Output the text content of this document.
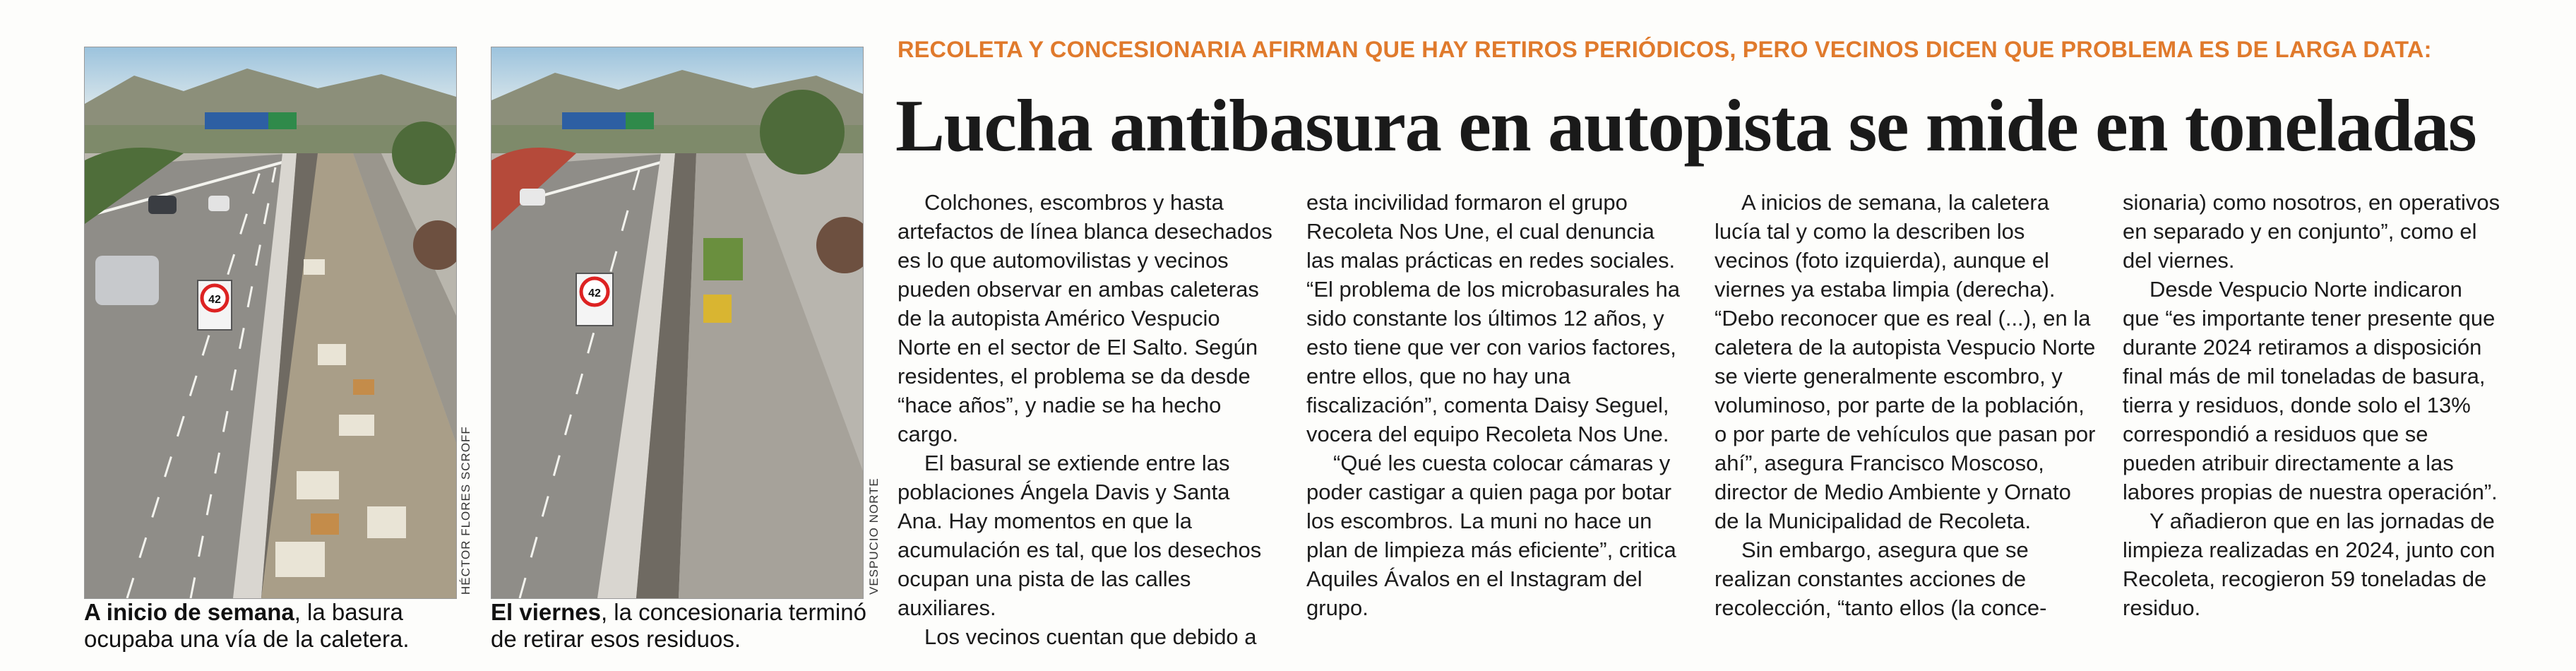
42
HÉCTOR FLORES SCROFF
A inicio de semana, la basura ocupaba una vía de la caletera.
42
VESPUCIO NORTE
El viernes, la concesionaria terminó de retirar esos residuos.
RECOLETA Y CONCESIONARIA AFIRMAN QUE HAY RETIROS PERIÓDICOS, PERO VECINOS DICEN QUE PROBLEMA ES DE LARGA DATA:
Lucha antibasura en autopista se mide en toneladas

Colchones, escombros y hasta artefactos de línea blanca desechados es lo que automovilistas y vecinos pueden observar en ambas caleteras de la autopista Américo Vespucio Norte en el sector de El Salto. Según residentes, el problema se da desde “hace años”, y nadie se ha hecho cargo.

El basural se extiende entre las poblaciones Ángela Davis y Santa Ana. Hay momentos en que la acumulación es tal, que los desechos ocupan una pista de las calles auxiliares.

Los vecinos cuentan que debido a

esta incivilidad formaron el grupo Recoleta Nos Une, el cual denuncia las malas prácticas en redes sociales. “El problema de los microbasurales ha sido constante los últimos 12 años, y esto tiene que ver con varios factores, entre ellos, que no hay una fiscalización”, comenta Daisy Seguel, vocera del equipo Recoleta Nos Une.

“Qué les cuesta colocar cámaras y poder castigar a quien paga por botar los escombros. La muni no hace un plan de limpieza más eficiente”, critica Aquiles Ávalos en el Instagram del grupo.

A inicios de semana, la caletera lucía tal y como la describen los vecinos (foto izquierda), aunque el viernes ya estaba limpia (derecha). “Debo reconocer que es real (...), en la caletera de la autopista Vespucio Norte se vierte generalmente escombro, y voluminoso, por parte de la población, o por parte de vehículos que pasan por ahí”, asegura Francisco Moscoso, director de Medio Ambiente y Ornato de la Municipalidad de Recoleta.

Sin embargo, asegura que se realizan constantes acciones de recolección, “tanto ellos (la conce-

sionaria) como nosotros, en operativos en separado y en conjunto”, como el del viernes.

Desde Vespucio Norte indicaron que “es importante tener presente que durante 2024 retiramos a disposición final más de mil toneladas de basura, tierra y residuos, donde solo el 13% correspondió a residuos que se pueden atribuir directamente a las labores propias de nuestra operación”.

Y añadieron que en las jornadas de limpieza realizadas en 2024, junto con Recoleta, recogieron 59 toneladas de residuo.
